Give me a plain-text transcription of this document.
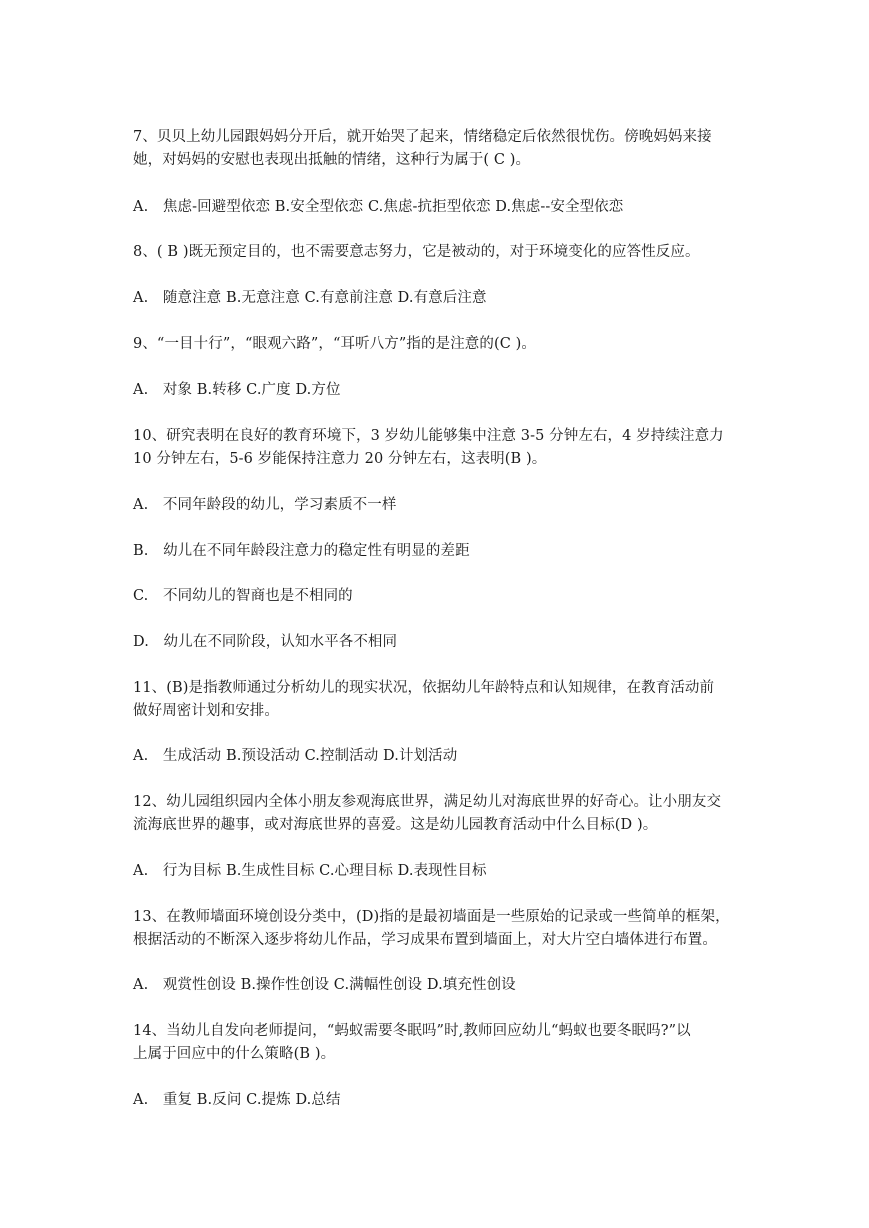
7、贝贝上幼儿园跟妈妈分开后，就开始哭了起来，情绪稳定后依然很忧伤。傍晚妈妈来接
她，对妈妈的安慰也表现出抵触的情绪，这种行为属于( C )。
A.　焦虑-回避型依恋 B.安全型依恋 C.焦虑-抗拒型依恋 D.焦虑--安全型依恋
8、( B )既无预定目的，也不需要意志努力，它是被动的，对于环境变化的应答性反应。
A.　随意注意 B.无意注意 C.有意前注意 D.有意后注意
9、“一目十行”，“眼观六路”，“耳听八方”指的是注意的(C )。
A.　对象 B.转移 C.广度 D.方位
10、研究表明在良好的教育环境下，3 岁幼儿能够集中注意 3-5 分钟左右，4 岁持续注意力
10 分钟左右，5-6 岁能保持注意力 20 分钟左右，这表明(B )。
A.　不同年龄段的幼儿，学习素质不一样
B.　幼儿在不同年龄段注意力的稳定性有明显的差距
C.　不同幼儿的智商也是不相同的
D.　幼儿在不同阶段，认知水平各不相同
11、(B)是指教师通过分析幼儿的现实状况，依据幼儿年龄特点和认知规律，在教育活动前
做好周密计划和安排。
A.　生成活动 B.预设活动 C.控制活动 D.计划活动
12、幼儿园组织园内全体小朋友参观海底世界，满足幼儿对海底世界的好奇心。让小朋友交
流海底世界的趣事，或对海底世界的喜爱。这是幼儿园教育活动中什么目标(D )。
A.　行为目标 B.生成性目标 C.心理目标 D.表现性目标
13、在教师墙面环境创设分类中，(D)指的是最初墙面是一些原始的记录或一些简单的框架，
根据活动的不断深入逐步将幼儿作品，学习成果布置到墙面上，对大片空白墙体进行布置。
A.　观赏性创设 B.操作性创设 C.满幅性创设 D.填充性创设
14、当幼儿自发向老师提问，“蚂蚁需要冬眠吗”时,教师回应幼儿“蚂蚁也要冬眠吗?”以
上属于回应中的什么策略(B )。
A.　重复 B.反问 C.提炼 D.总结
